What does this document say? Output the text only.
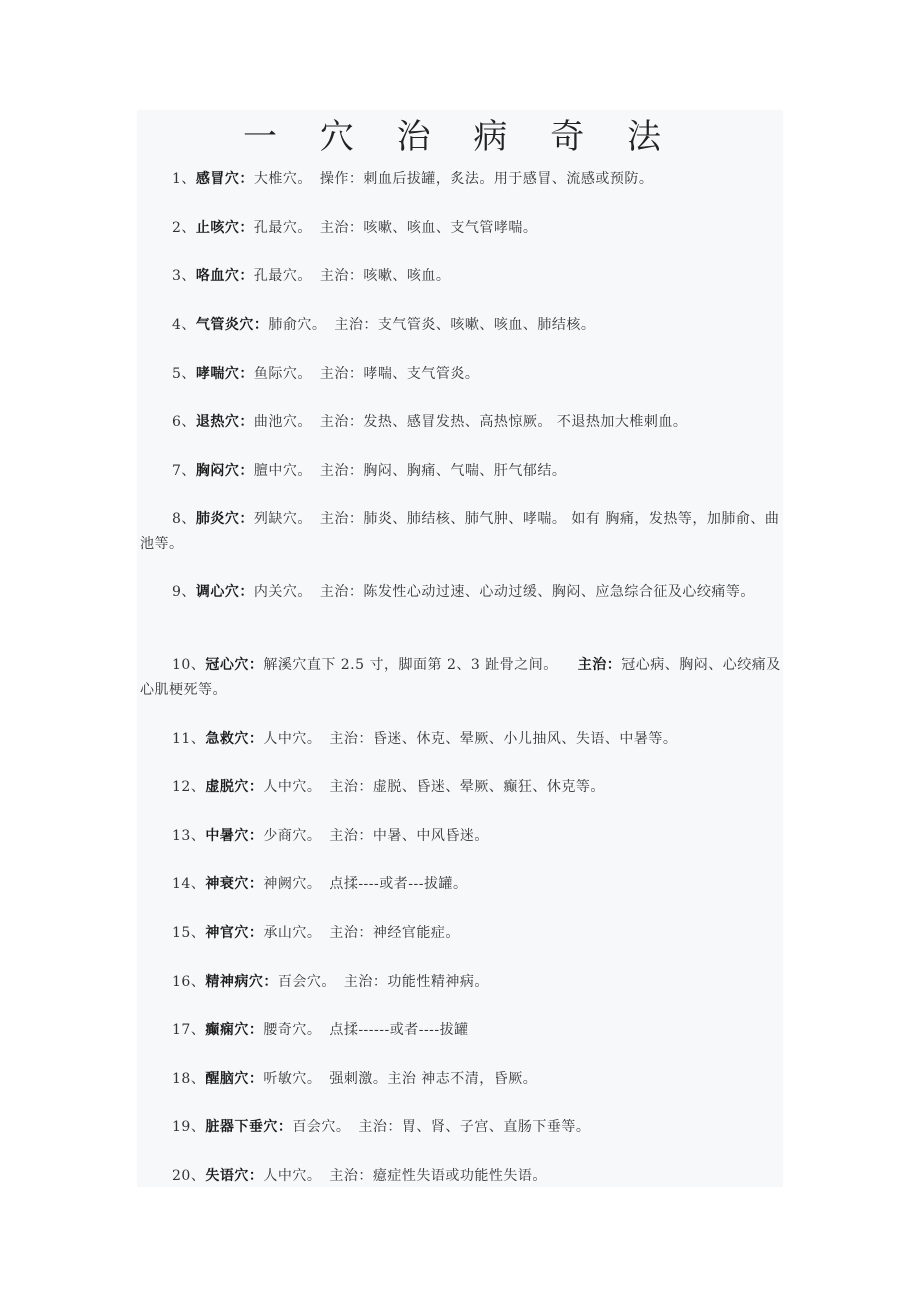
一 穴 治 病 奇 法
1、感冒穴：大椎穴。 操作：刺血后拔罐，炙法。用于感冒、流感或预防。
2、止咳穴：孔最穴。 主治：咳嗽、咳血、支气管哮喘。
3、咯血穴：孔最穴。 主治：咳嗽、咳血。
4、气管炎穴：肺俞穴。 主治：支气管炎、咳嗽、咳血、肺结核。
5、哮喘穴：鱼际穴。 主治：哮喘、支气管炎。
6、退热穴：曲池穴。 主治：发热、感冒发热、高热惊厥。 不退热加大椎刺血。
7、胸闷穴：膻中穴。 主治：胸闷、胸痛、气喘、肝气郁结。
8、肺炎穴：列缺穴。 主治：肺炎、肺结核、肺气肿、哮喘。 如有 胸痛，发热等，加肺俞、曲池等。
9、调心穴：内关穴。 主治：陈发性心动过速、心动过缓、胸闷、应急综合征及心绞痛等。
10、冠心穴：解溪穴直下 2.5 寸，脚面第 2、3 趾骨之间。 主治：冠心病、胸闷、心绞痛及心肌梗死等。
11、急救穴：人中穴。 主治：昏迷、休克、晕厥、小儿抽风、失语、中暑等。
12、虚脱穴：人中穴。 主治：虚脱、昏迷、晕厥、癫狂、休克等。
13、中暑穴：少商穴。 主治：中暑、中风昏迷。
14、神衰穴：神阙穴。 点揉----或者---拔罐。
15、神官穴：承山穴。 主治：神经官能症。
16、精神病穴：百会穴。 主治：功能性精神病。
17、癫痫穴：腰奇穴。 点揉------或者----拔罐
18、醒脑穴：听敏穴。 强刺激。主治 神志不清，昏厥。
19、脏器下垂穴：百会穴。 主治：胃、肾、子宫、直肠下垂等。
20、失语穴：人中穴。 主治：癔症性失语或功能性失语。
